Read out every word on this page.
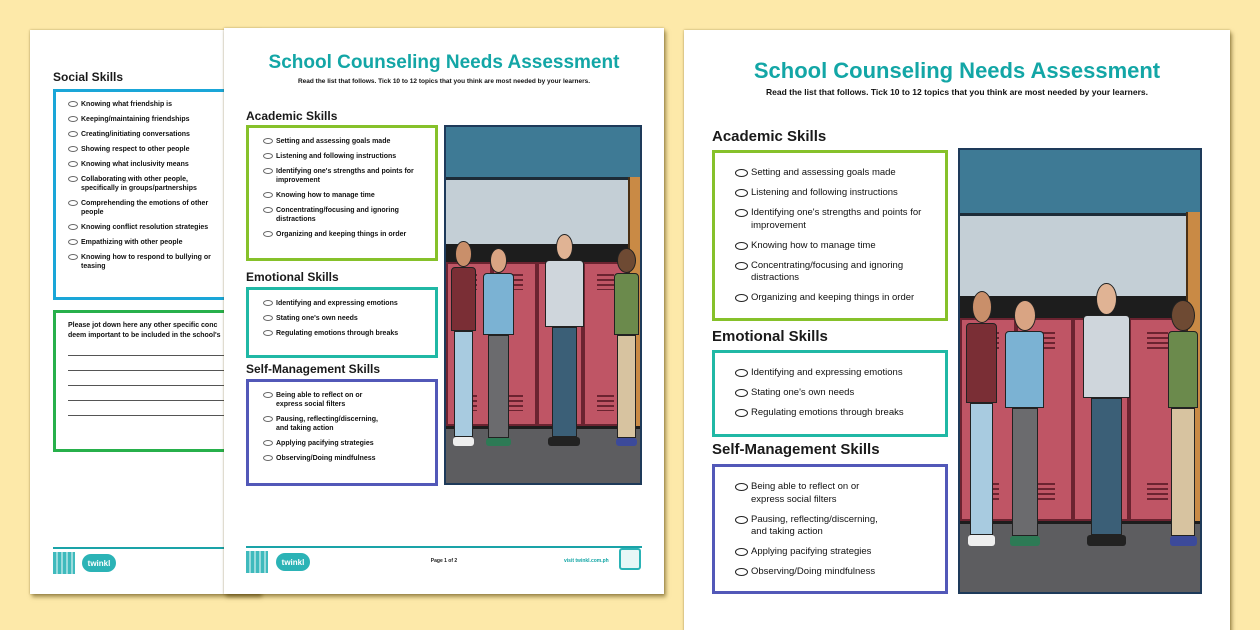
Social Skills
Knowing what friendship is
Keeping/maintaining friendships
Creating/initiating conversations
Showing respect to other people
Knowing what inclusivity means
Collaborating with other people, specifically in groups/partnerships
Comprehending the emotions of other people
Knowing conflict resolution strategies
Empathizing with other people
Knowing how to respond to bullying or teasing
Please jot down here any other specific conc
deem important to be included in the school's
twinkl
School Counseling Needs Assessment
Read the list that follows. Tick 10 to 12 topics that you think are most needed by your learners.
Academic Skills
Setting and assessing goals made
Listening and following instructions
Identifying one's strengths and points for improvement
Knowing how to manage time
Concentrating/focusing and ignoring distractions
Organizing and keeping things in order
Emotional Skills
Identifying and expressing emotions
Stating one's own needs
Regulating emotions through breaks
Self-Management Skills
Being able to reflect on or express social filters
Pausing, reflecting/discerning, and taking action
Applying pacifying strategies
Observing/Doing mindfulness
twinkl	Page 1 of 2	visit twinkl.com.ph
School Counseling Needs Assessment
Read the list that follows. Tick 10 to 12 topics that you think are most needed by your learners.
Academic Skills
Setting and assessing goals made
Listening and following instructions
Identifying one's strengths and points for improvement
Knowing how to manage time
Concentrating/focusing and ignoring distractions
Organizing and keeping things in order
Emotional Skills
Identifying and expressing emotions
Stating one's own needs
Regulating emotions through breaks
Self-Management Skills
Being able to reflect on or express social filters
Pausing, reflecting/discerning, and taking action
Applying pacifying strategies
Observing/Doing mindfulness
